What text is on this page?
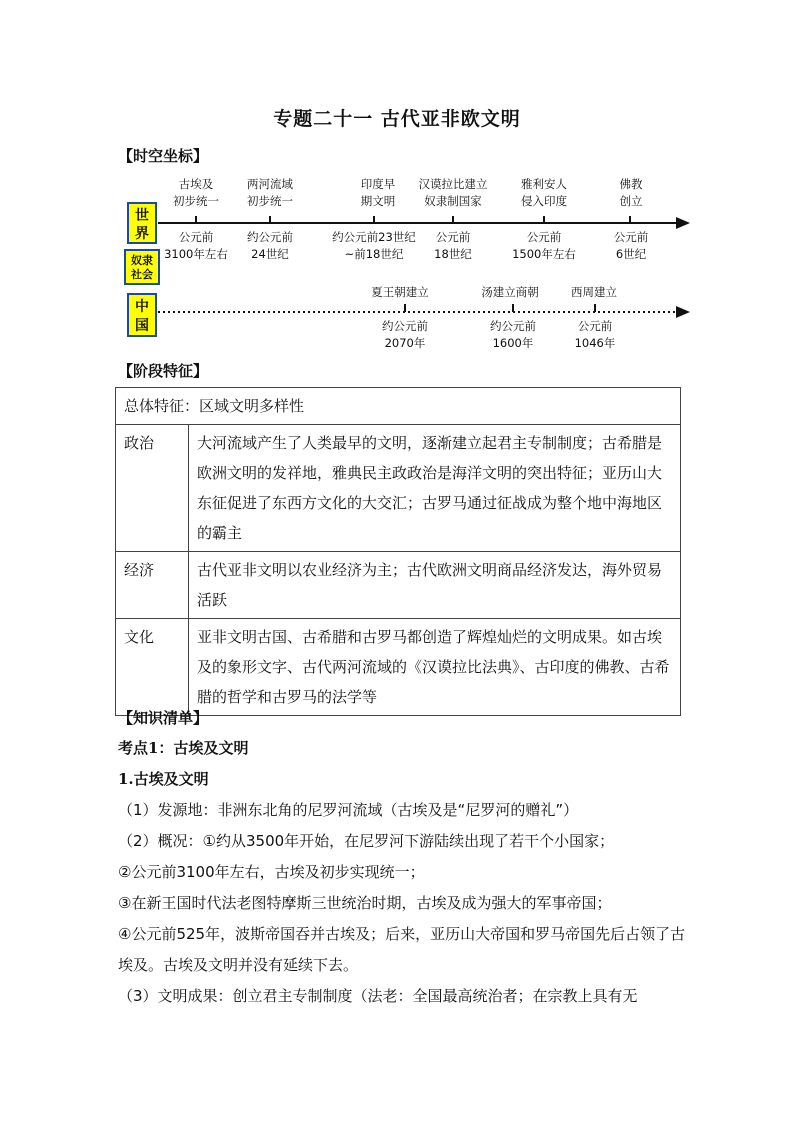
专题二十一 古代亚非欧文明
【时空坐标】
世
界
奴隶
社会
中
国
古埃及
初步统一
公元前
3100年左右
两河流域
初步统一
约公元前
24世纪
印度早
期文明
约公元前23世纪
~前18世纪
汉谟拉比建立
奴隶制国家
公元前
18世纪
雅利安人
侵入印度
公元前
1500年左右
佛教
创立
公元前
6世纪
夏王朝建立
约公元前
2070年
汤建立商朝
约公元前
1600年
西周建立
公元前
1046年
【阶段特征】
总体特征：区域文明多样性	
政治	大河流域产生了人类最早的文明，逐渐建立起君主专制制度；古希腊是欧洲文明的发祥地，雅典民主政政治是海洋文明的突出特征；亚历山大东征促进了东西方文化的大交汇；古罗马通过征战成为整个地中海地区的霸主
经济	古代亚非文明以农业经济为主；古代欧洲文明商品经济发达，海外贸易活跃
文化	亚非文明古国、古希腊和古罗马都创造了辉煌灿烂的文明成果。如古埃及的象形文字、古代两河流域的《汉谟拉比法典》、古印度的佛教、古希腊的哲学和古罗马的法学等
【知识清单】

考点1：古埃及文明

1.古埃及文明

（1）发源地：非洲东北角的尼罗河流域（古埃及是“尼罗河的赠礼”）

（2）概况：①约从3500年开始，在尼罗河下游陆续出现了若干个小国家；

②公元前3100年左右，古埃及初步实现统一；

③在新王国时代法老图特摩斯三世统治时期，古埃及成为强大的军事帝国；

④公元前525年，波斯帝国吞并古埃及；后来，亚历山大帝国和罗马帝国先后占领了古埃及。古埃及文明并没有延续下去。

（3）文明成果：创立君主专制制度（法老：全国最高统治者；在宗教上具有无
